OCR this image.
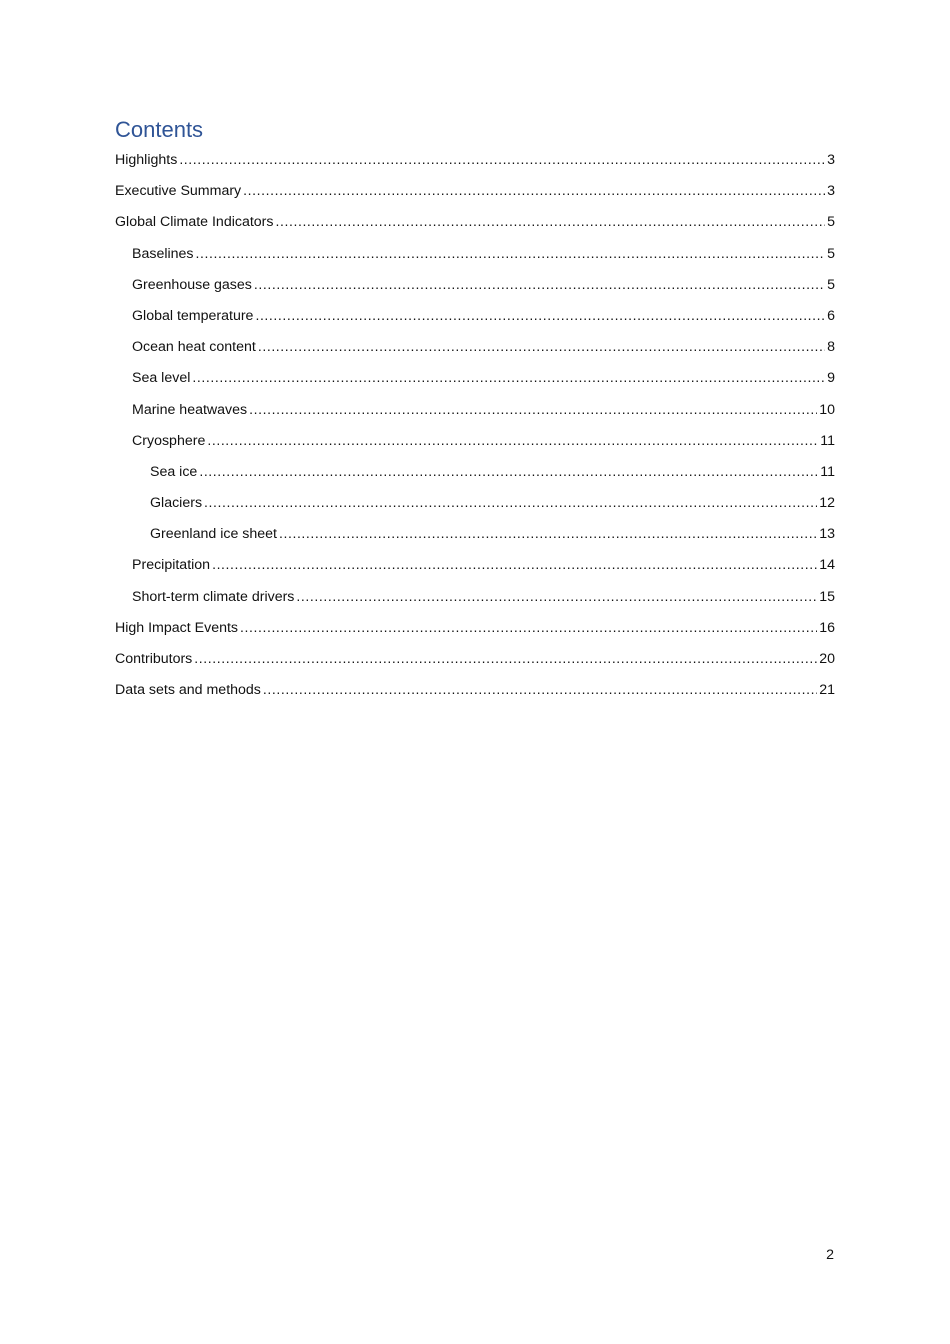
Contents
Highlights .....	3
Executive Summary .....	3
Global Climate Indicators .....	5
Baselines .....	5
Greenhouse gases .....	5
Global temperature .....	6
Ocean heat content .....	8
Sea level .....	9
Marine heatwaves .....	10
Cryosphere .....	11
Sea ice .....	11
Glaciers .....	12
Greenland ice sheet .....	13
Precipitation .....	14
Short-term climate drivers .....	15
High Impact Events .....	16
Contributors .....	20
Data sets and methods .....	21
2
